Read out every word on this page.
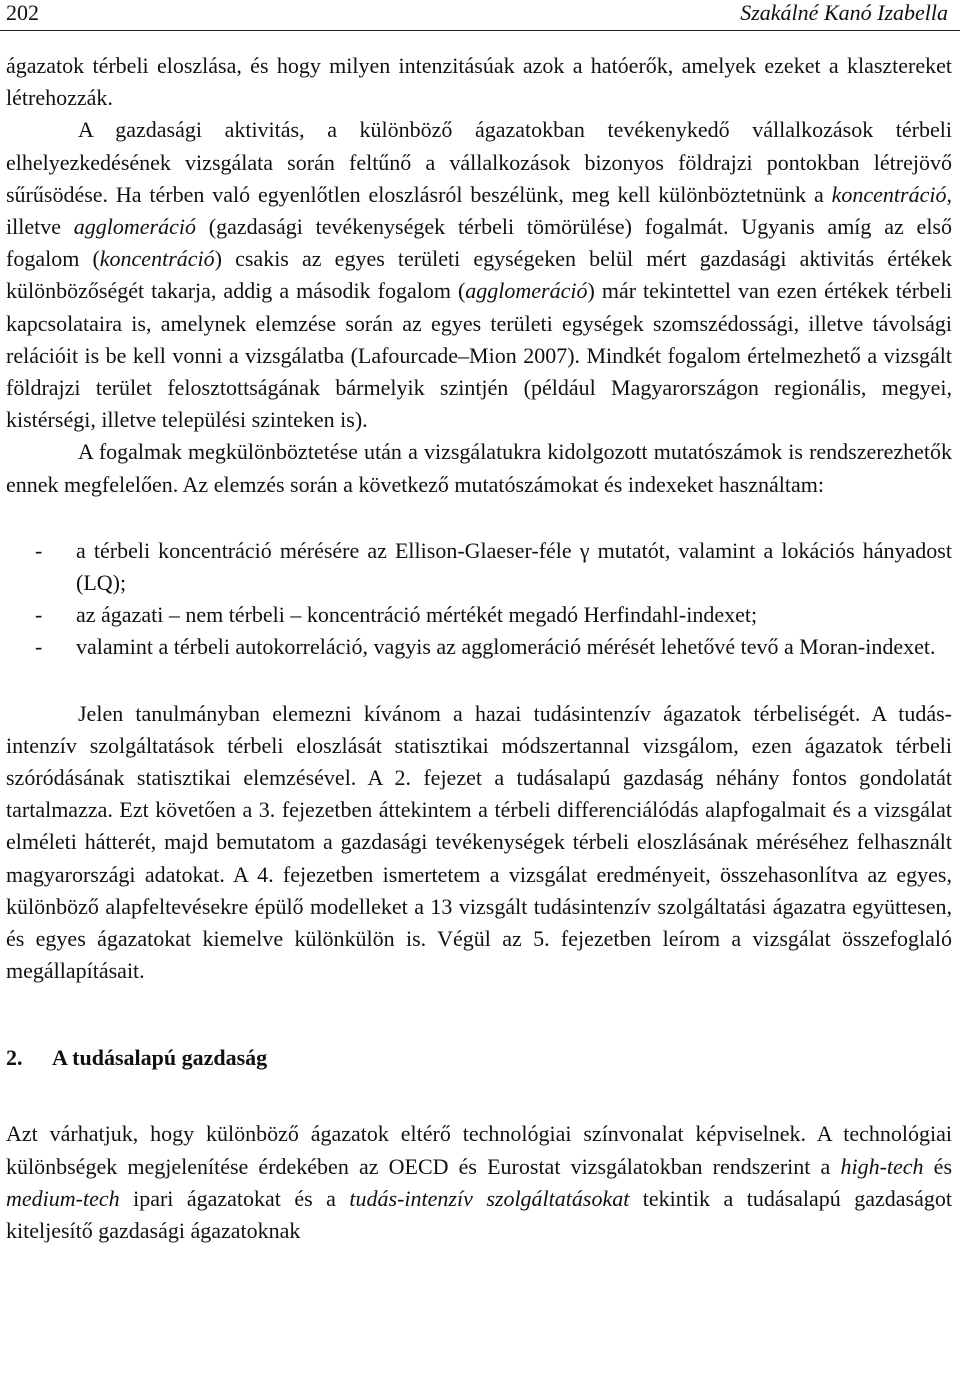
202	Szakálné Kanó Izabella

ágazatok térbeli eloszlása, és hogy milyen intenzitásúak azok a hatóerők, amelyek ezeket a klasztereket létrehozzák.

A gazdasági aktivitás, a különböző ágazatokban tevékenykedő vállalkozások térbeli elhelyezkedésének vizsgálata során feltűnő a vállalkozások bizonyos földrajzi pontokban létrejövő sűrűsödése. Ha térben való egyenlőtlen eloszlásról beszélünk, meg kell különböztetnünk a koncentráció, illetve agglomeráció (gazdasági tevékenységek térbeli tömörülése) fogalmát. Ugyanis amíg az első fogalom (koncentráció) csakis az egyes területi egységeken belül mért gazdasági aktivitás értékek különbözőségét takarja, addig a második fogalom (agglomeráció) már tekintettel van ezen értékek térbeli kapcsolataira is, amelynek elemzése során az egyes területi egységek szomszédossági, illetve távolsági relációit is be kell vonni a vizsgálatba (Lafourcade–Mion 2007). Mindkét fogalom értelmezhető a vizsgált földrajzi terület felosztottságának bármelyik szintjén (például Magyarországon regionális, megyei, kistérségi, illetve települési szinteken is).

A fogalmak megkülönböztetése után a vizsgálatukra kidolgozott mutatószámok is rendszerezhetők ennek megfelelően. Az elemzés során a következő mutatószámokat és indexeket használtam:

- a térbeli koncentráció mérésére az Ellison-Glaeser-féle γ mutatót, valamint a lokációs hányadost (LQ);
- az ágazati – nem térbeli – koncentráció mértékét megadó Herfindahl-indexet;
- valamint a térbeli autokorreláció, vagyis az agglomeráció mérését lehetővé tevő a Moran-indexet.

Jelen tanulmányban elemezni kívánom a hazai tudásintenzív ágazatok térbeliségét. A tudás-intenzív szolgáltatások térbeli eloszlását statisztikai módszertannal vizsgálom, ezen ágazatok térbeli szóródásának statisztikai elemzésével. A 2. fejezet a tudásalapú gazdaság néhány fontos gondolatát tartalmazza. Ezt követően a 3. fejezetben áttekintem a térbeli differenciálódás alapfogalmait és a vizsgálat elméleti hátterét, majd bemutatom a gazdasági tevékenységek térbeli eloszlásának méréséhez felhasznált magyarországi adatokat. A 4. fejezetben ismertetem a vizsgálat eredményeit, összehasonlítva az egyes, különböző alapfeltevésekre épülő modelleket a 13 vizsgált tudásintenzív szolgáltatási ágazatra együttesen, és egyes ágazatokat kiemelve különkülön is. Végül az 5. fejezetben leírom a vizsgálat összefoglaló megállapításait.

2. A tudásalapú gazdaság

Azt várhatjuk, hogy különböző ágazatok eltérő technológiai színvonalat képviselnek. A technológiai különbségek megjelenítése érdekében az OECD és Eurostat vizsgálatokban rendszerint a high-tech és medium-tech ipari ágazatokat és a tudás-intenzív szolgáltatásokat tekintik a tudásalapú gazdaságot kiteljesítő gazdasági ágazatoknak
